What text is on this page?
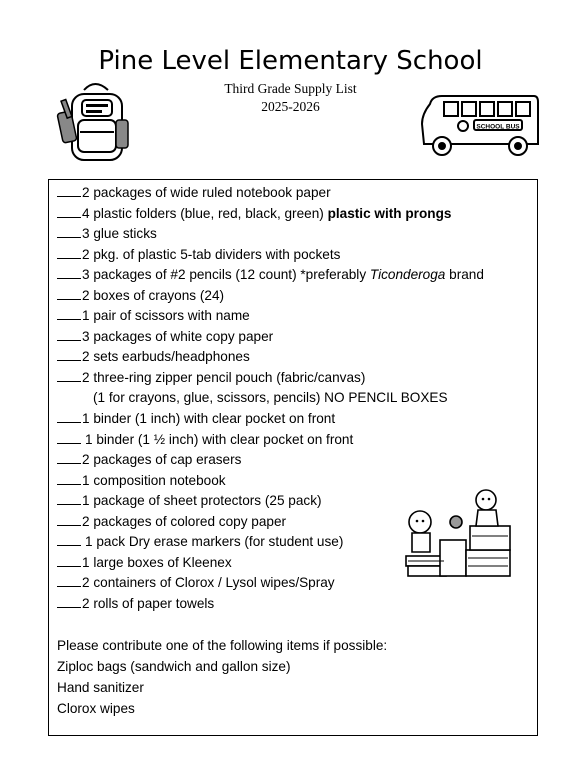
Pine Level Elementary School
Third Grade Supply List
2025-2026
SCHOOL BUS
2 packages of wide ruled notebook paper
4 plastic folders (blue, red, black, green) plastic with prongs
3 glue sticks
2 pkg. of plastic 5-tab dividers with pockets
3 packages of #2 pencils (12 count) *preferably Ticonderoga brand
2 boxes of crayons (24)
1 pair of scissors with name
3 packages of white copy paper
2 sets earbuds/headphones
2 three-ring zipper pencil pouch (fabric/canvas)
(1 for crayons, glue, scissors, pencils) NO PENCIL BOXES
1 binder (1 inch) with clear pocket on front
1 binder (1 ½ inch) with clear pocket on front
2 packages of cap erasers
1 composition notebook
1 package of sheet protectors (25 pack)
2 packages of colored copy paper
1 pack Dry erase markers (for student use)
1 large boxes of Kleenex
2 containers of Clorox / Lysol wipes/Spray
2 rolls of paper towels
Please contribute one of the following items if possible:
Ziploc bags (sandwich and gallon size)
Hand sanitizer
Clorox wipes
